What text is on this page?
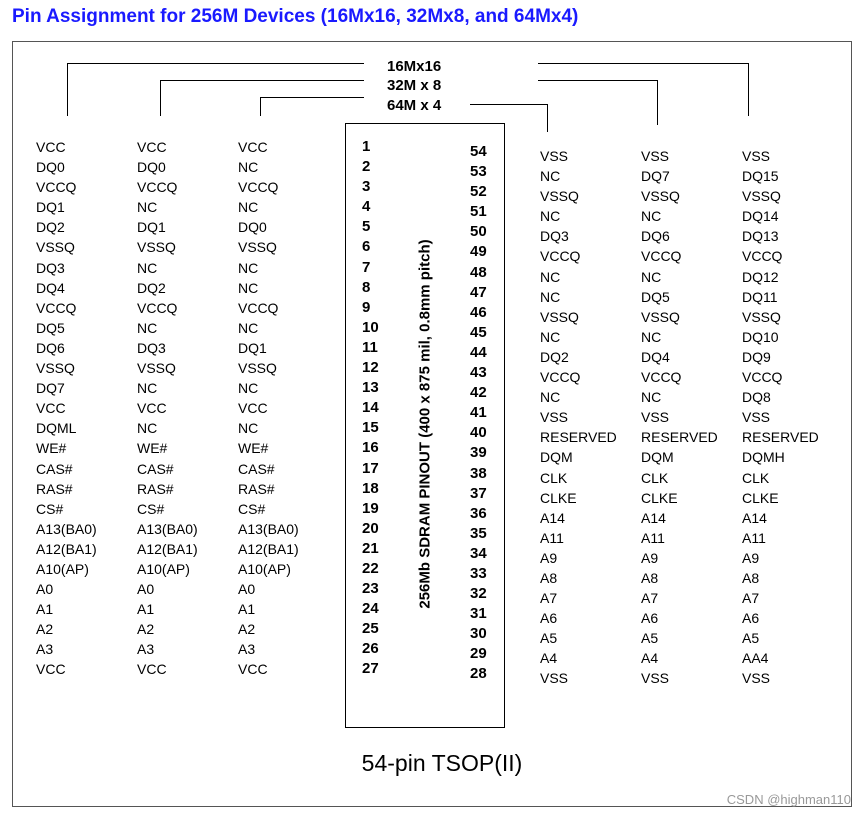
Pin Assignment for 256M Devices (16Mx16, 32Mx8, and 64Mx4)
16Mx16
32M x 8
64M x 4
VCC
DQ0
VCCQ
DQ1
DQ2
VSSQ
DQ3
DQ4
VCCQ
DQ5
DQ6
VSSQ
DQ7
VCC
DQML
WE#
CAS#
RAS#
CS#
A13(BA0)
A12(BA1)
A10(AP)
A0
A1
A2
A3
VCC
VCC
DQ0
VCCQ
NC
DQ1
VSSQ
NC
DQ2
VCCQ
NC
DQ3
VSSQ
NC
VCC
NC
WE#
CAS#
RAS#
CS#
A13(BA0)
A12(BA1)
A10(AP)
A0
A1
A2
A3
VCC
VCC
NC
VCCQ
NC
DQ0
VSSQ
NC
NC
VCCQ
NC
DQ1
VSSQ
NC
VCC
NC
WE#
CAS#
RAS#
CS#
A13(BA0)
A12(BA1)
A10(AP)
A0
A1
A2
A3
VCC
1
2
3
4
5
6
7
8
9
10
11
12
13
14
15
16
17
18
19
20
21
22
23
24
25
26
27
54
53
52
51
50
49
48
47
46
45
44
43
42
41
40
39
38
37
36
35
34
33
32
31
30
29
28
256Mb SDRAM PINOUT (400 x 875 mil, 0.8mm pitch)
VSS
NC
VSSQ
NC
DQ3
VCCQ
NC
NC
VSSQ
NC
DQ2
VCCQ
NC
VSS
RESERVED
DQM
CLK
CLKE
A14
A11
A9
A8
A7
A6
A5
A4
VSS
VSS
DQ7
VSSQ
NC
DQ6
VCCQ
NC
DQ5
VSSQ
NC
DQ4
VCCQ
NC
VSS
RESERVED
DQM
CLK
CLKE
A14
A11
A9
A8
A7
A6
A5
A4
VSS
VSS
DQ15
VSSQ
DQ14
DQ13
VCCQ
DQ12
DQ11
VSSQ
DQ10
DQ9
VCCQ
DQ8
VSS
RESERVED
DQMH
CLK
CLKE
A14
A11
A9
A8
A7
A6
A5
AA4
VSS
54-pin TSOP(II)
CSDN @highman110
